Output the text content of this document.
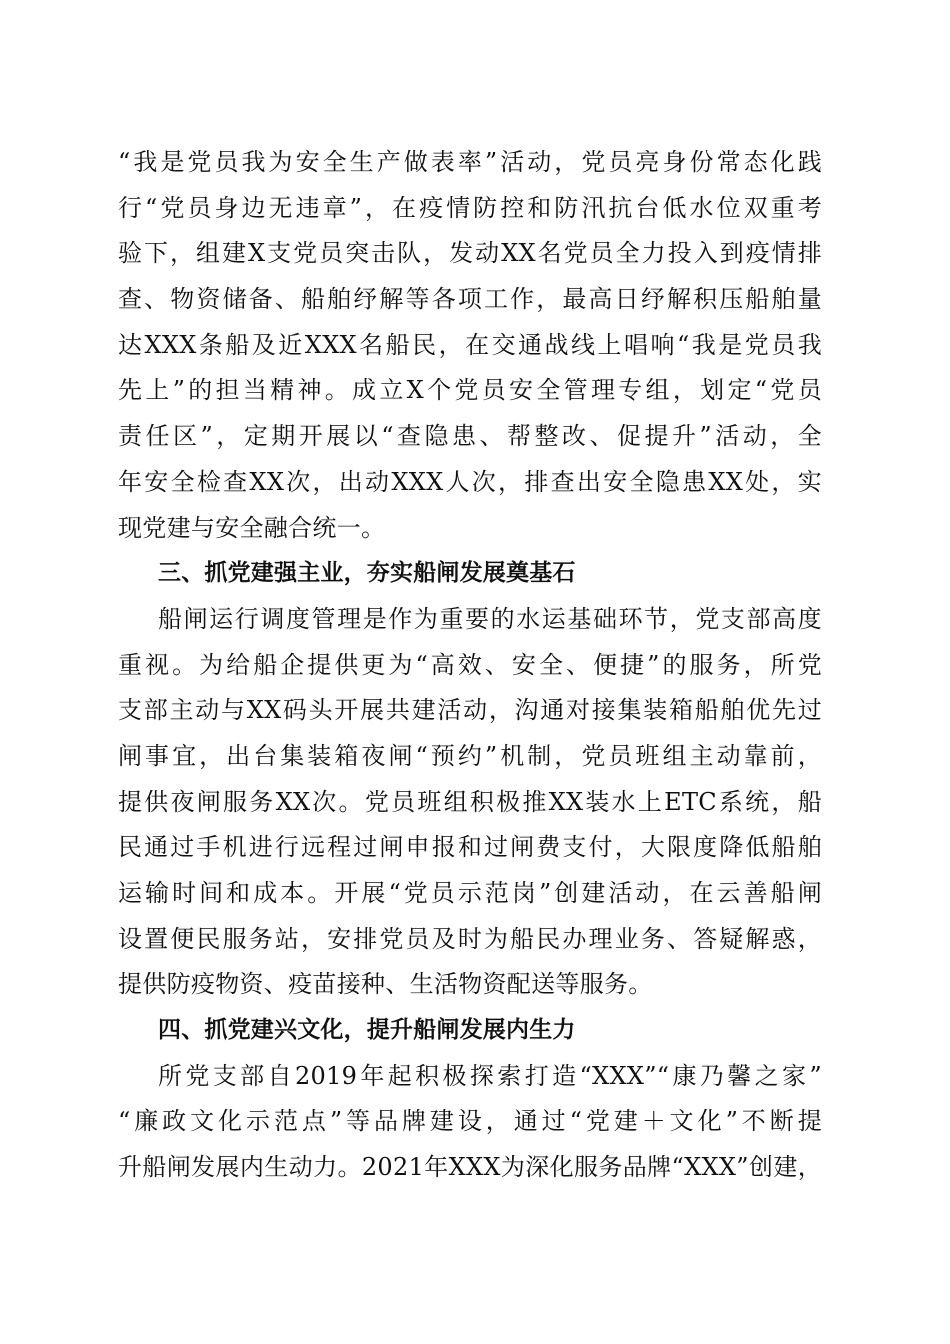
“我是党员我为安全生产做表率”活动，党员亮身份常态化践
行“党员身边无违章”，在疫情防控和防汛抗台低水位双重考
验下，组建X支党员突击队，发动XX名党员全力投入到疫情排
查、物资储备、船舶纾解等各项工作，最高日纾解积压船舶量
达XXX条船及近XXX名船民，在交通战线上唱响“我是党员我
先上”的担当精神。成立X个党员安全管理专组，划定“党员
责任区”，定期开展以“查隐患、帮整改、促提升”活动，全
年安全检查XX次，出动XXX人次，排查出安全隐患XX处，实
现党建与安全融合统一。
三、抓党建强主业，夯实船闸发展奠基石
船闸运行调度管理是作为重要的水运基础环节，党支部高度
重视。为给船企提供更为“高效、安全、便捷”的服务，所党
支部主动与XX码头开展共建活动，沟通对接集装箱船舶优先过
闸事宜，出台集装箱夜闸“预约”机制，党员班组主动靠前，
提供夜闸服务XX次。党员班组积极推XX装水上ETC系统，船
民通过手机进行远程过闸申报和过闸费支付，大限度降低船舶
运输时间和成本。开展“党员示范岗”创建活动，在云善船闸
设置便民服务站，安排党员及时为船民办理业务、答疑解惑，
提供防疫物资、疫苗接种、生活物资配送等服务。
四、抓党建兴文化，提升船闸发展内生力
所党支部自2019年起积极探索打造“XXX”“康乃馨之家”
“廉政文化示范点”等品牌建设，通过“党建＋文化”不断提
升船闸发展内生动力。2021年XXX为深化服务品牌“XXX”创建，
